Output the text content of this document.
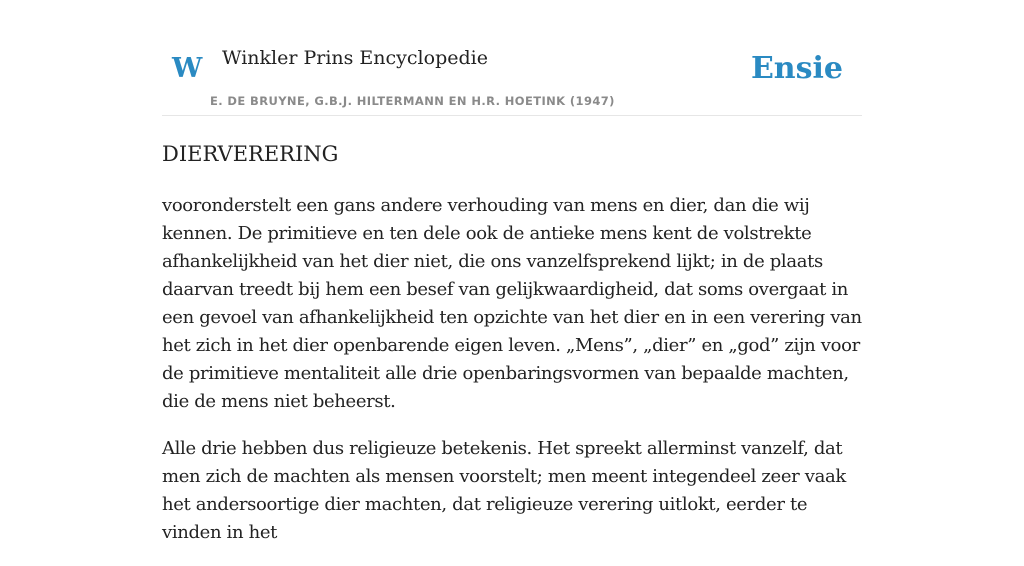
W Winkler Prins Encyclopedie
E. DE BRUYNE, G.B.J. HILTERMANN EN H.R. HOETINK (1947)
Ensie
DIERVERERING

vooronderstelt een gans andere verhouding van mens en dier, dan die wij kennen. De primitieve en ten dele ook de antieke mens kent de volstrekte afhankelijkheid van het dier niet, die ons vanzelfsprekend lijkt; in de plaats daarvan treedt bij hem een besef van gelijkwaardigheid, dat soms overgaat in een gevoel van afhankelijkheid ten opzichte van het dier en in een verering van het zich in het dier openbarende eigen leven. „Mens”, „dier” en „god” zijn voor de primitieve mentaliteit alle drie openbaringsvormen van bepaalde machten, die de mens niet beheerst.

Alle drie hebben dus religieuze betekenis. Het spreekt allerminst vanzelf, dat men zich de machten als mensen voorstelt; men meent integendeel zeer vaak het andersoortige dier machten, dat religieuze verering uitlokt, eerder te vinden in het
